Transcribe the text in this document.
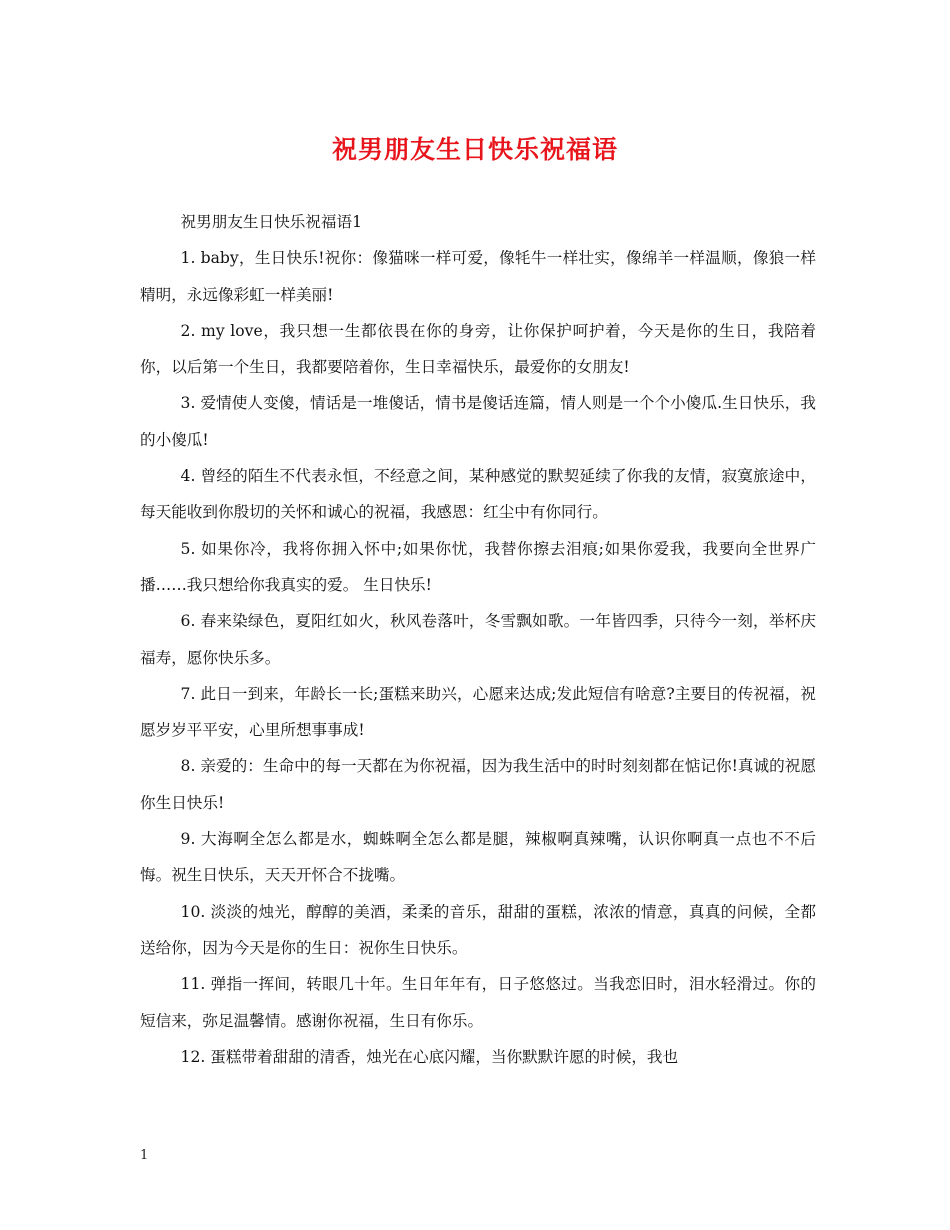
祝男朋友生日快乐祝福语

祝男朋友生日快乐祝福语1

1. baby，生日快乐!祝你：像猫咪一样可爱，像牦牛一样壮实，像绵羊一样温顺，像狼一样精明，永远像彩虹一样美丽!

2. my love，我只想一生都依畏在你的身旁，让你保护呵护着，今天是你的生日，我陪着你，以后第一个生日，我都要陪着你，生日幸福快乐，最爱你的女朋友!

3. 爱情使人变傻，情话是一堆傻话，情书是傻话连篇，情人则是一个个小傻瓜.生日快乐，我的小傻瓜!

4. 曾经的陌生不代表永恒，不经意之间，某种感觉的默契延续了你我的友情，寂寞旅途中，每天能收到你殷切的关怀和诚心的祝福，我感恩：红尘中有你同行。

5. 如果你冷，我将你拥入怀中;如果你忧，我替你擦去泪痕;如果你爱我，我要向全世界广播……我只想给你我真实的爱。 生日快乐!

6. 春来染绿色，夏阳红如火，秋风卷落叶，冬雪飘如歌。一年皆四季，只待今一刻，举杯庆福寿，愿你快乐多。

7. 此日一到来，年龄长一长;蛋糕来助兴，心愿来达成;发此短信有啥意?主要目的传祝福，祝愿岁岁平平安，心里所想事事成!

8. 亲爱的：生命中的每一天都在为你祝福，因为我生活中的时时刻刻都在惦记你!真诚的祝愿你生日快乐!

9. 大海啊全怎么都是水，蜘蛛啊全怎么都是腿，辣椒啊真辣嘴，认识你啊真一点也不不后悔。祝生日快乐，天天开怀合不拢嘴。

10. 淡淡的烛光，醇醇的美酒，柔柔的音乐，甜甜的蛋糕，浓浓的情意，真真的问候，全都送给你，因为今天是你的生日：祝你生日快乐。

11. 弹指一挥间，转眼几十年。生日年年有，日子悠悠过。当我恋旧时，泪水轻滑过。你的短信来，弥足温馨情。感谢你祝福，生日有你乐。

12. 蛋糕带着甜甜的清香，烛光在心底闪耀，当你默默许愿的时候，我也

1
